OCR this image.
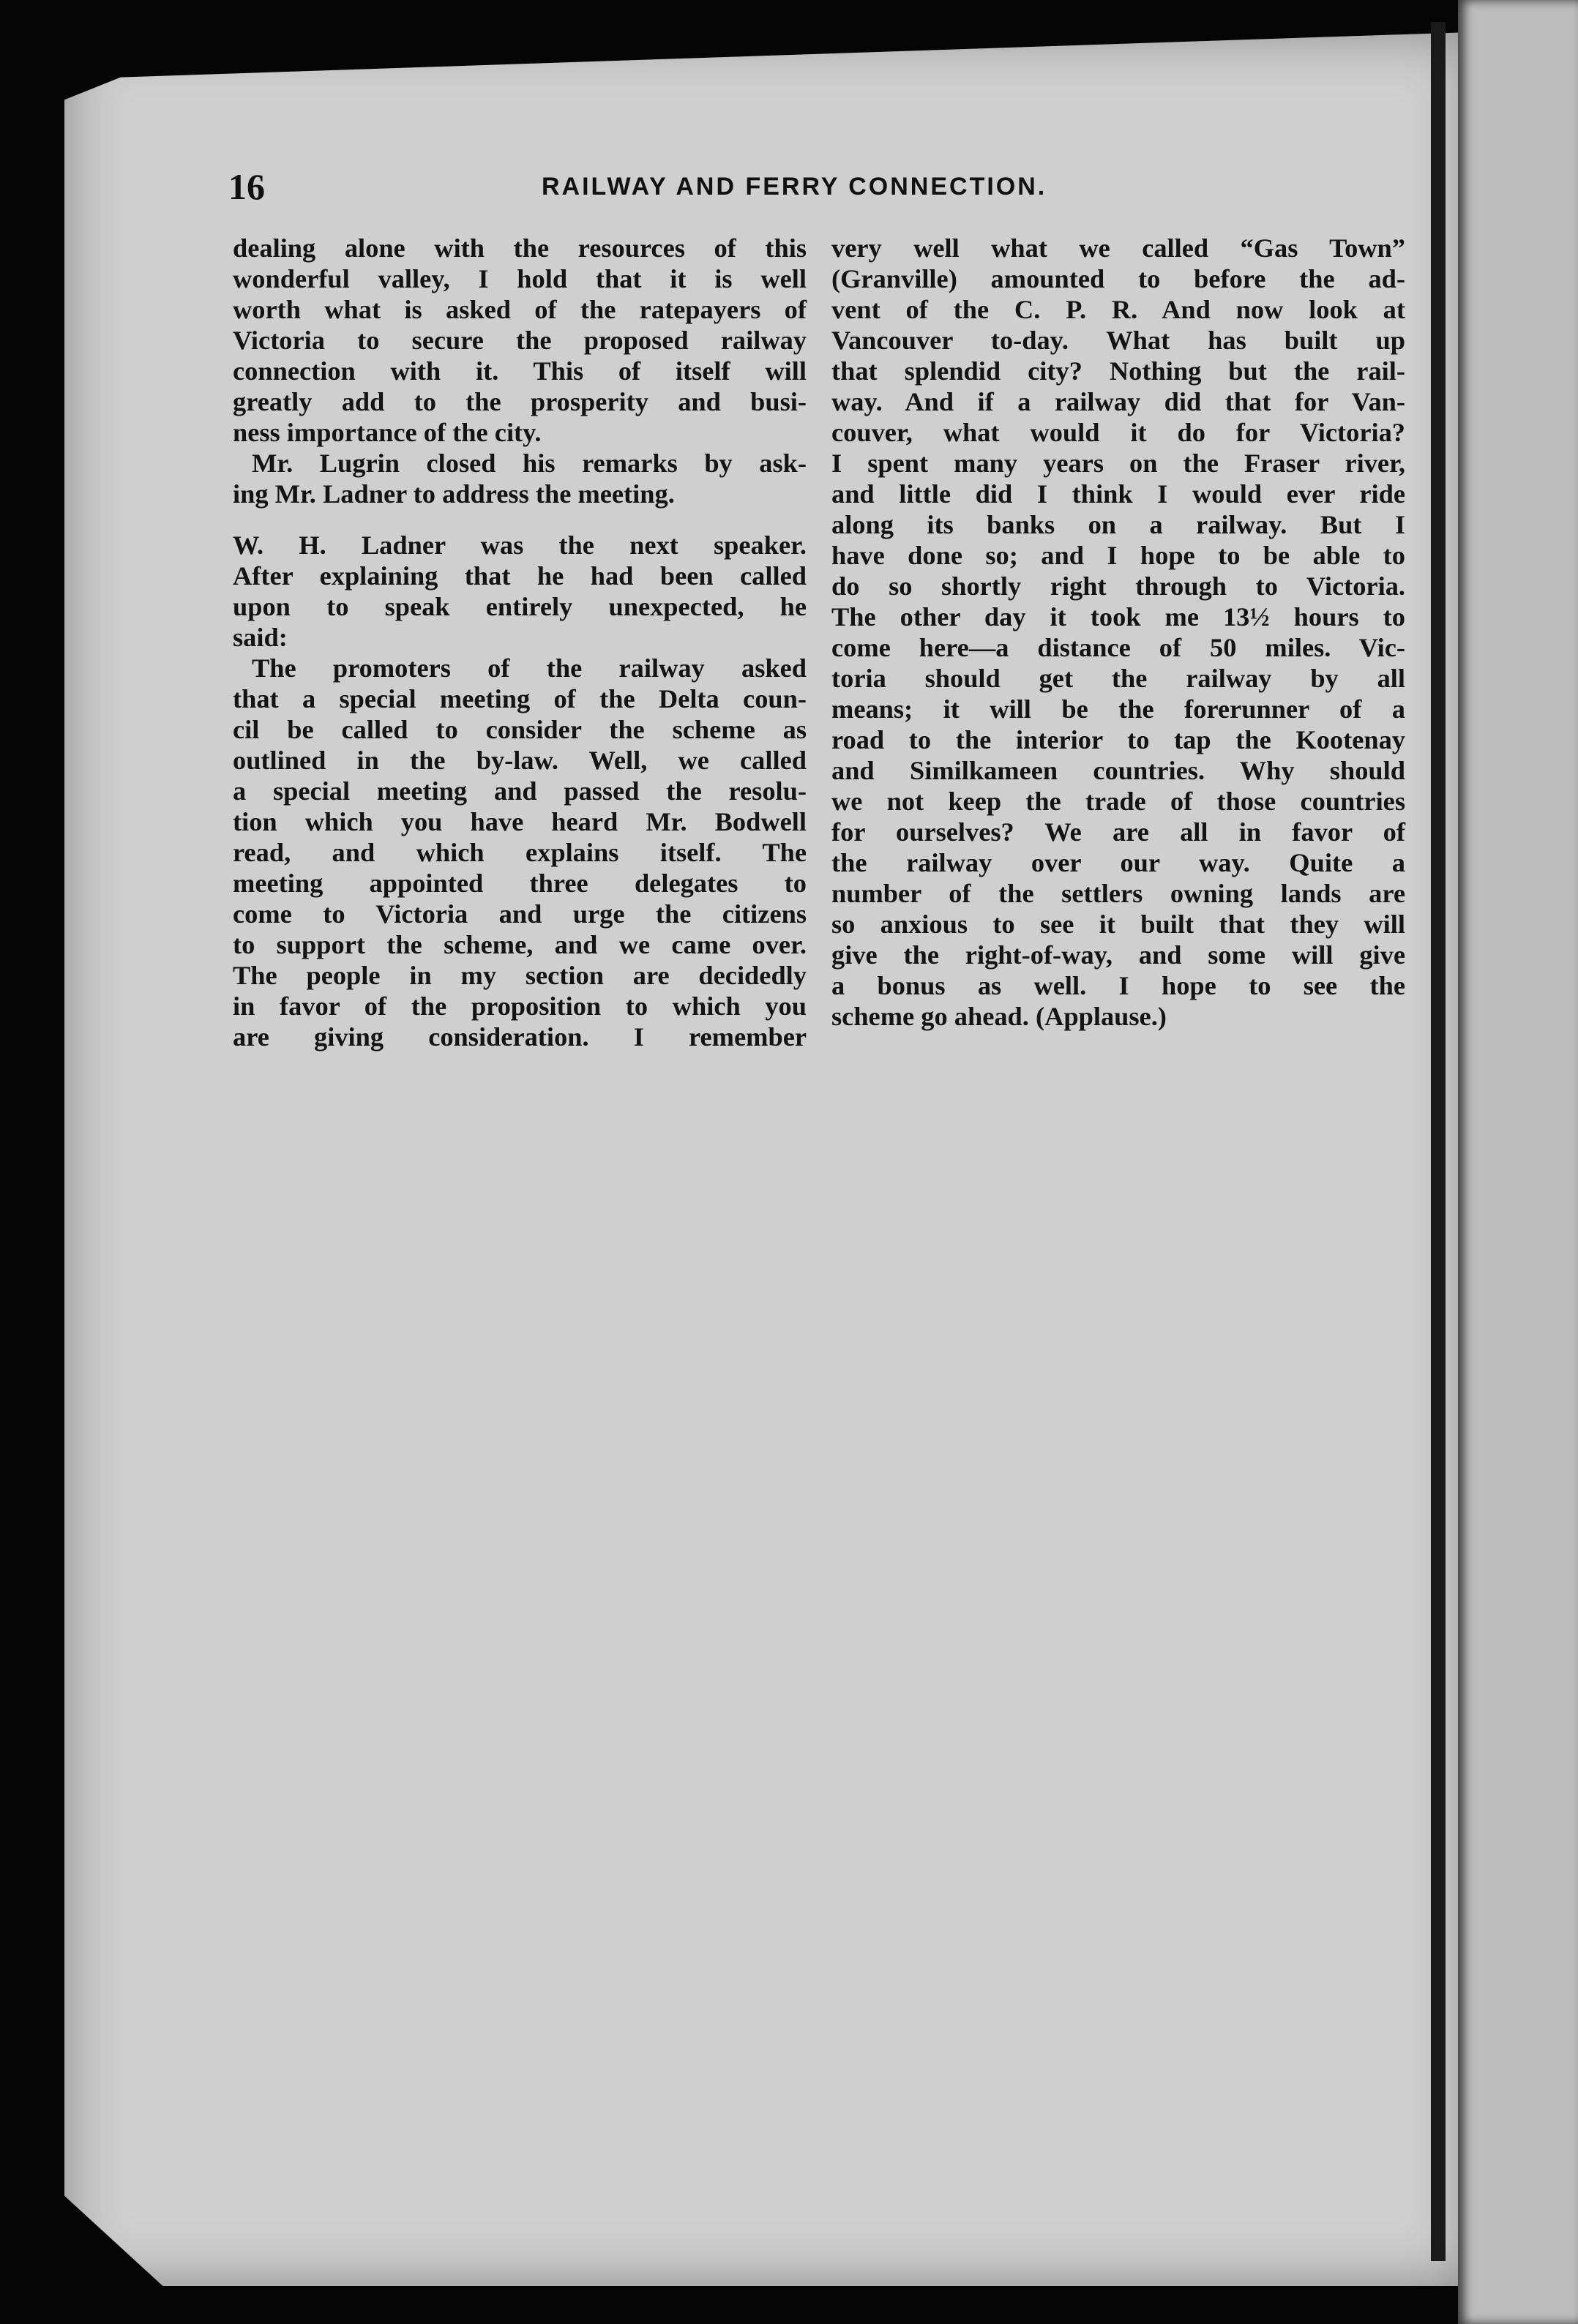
16	RAILWAY AND FERRY CONNECTION.
dealing alone with the resources of this
wonderful valley, I hold that it is well
worth what is asked of the ratepayers of
Victoria to secure the proposed railway
connection with it. This of itself will
greatly add to the prosperity and busi-
ness importance of the city.
Mr. Lugrin closed his remarks by ask-
ing Mr. Ladner to address the meeting.
W. H. Ladner was the next speaker.
After explaining that he had been called
upon to speak entirely unexpected, he
said:
The promoters of the railway asked
that a special meeting of the Delta coun-
cil be called to consider the scheme as
outlined in the by-law. Well, we called
a special meeting and passed the resolu-
tion which you have heard Mr. Bodwell
read, and which explains itself. The
meeting appointed three delegates to
come to Victoria and urge the citizens
to support the scheme, and we came over.
The people in my section are decidedly
in favor of the proposition to which you
are giving consideration. I remember
very well what we called “Gas Town”
(Granville) amounted to before the ad-
vent of the C. P. R. And now look at
Vancouver to-day. What has built up
that splendid city? Nothing but the rail-
way. And if a railway did that for Van-
couver, what would it do for Victoria?
I spent many years on the Fraser river,
and little did I think I would ever ride
along its banks on a railway. But I
have done so; and I hope to be able to
do so shortly right through to Victoria.
The other day it took me 13½ hours to
come here—a distance of 50 miles. Vic-
toria should get the railway by all
means; it will be the forerunner of a
road to the interior to tap the Kootenay
and Similkameen countries. Why should
we not keep the trade of those countries
for ourselves? We are all in favor of
the railway over our way. Quite a
number of the settlers owning lands are
so anxious to see it built that they will
give the right-of-way, and some will give
a bonus as well. I hope to see the
scheme go ahead. (Applause.)
